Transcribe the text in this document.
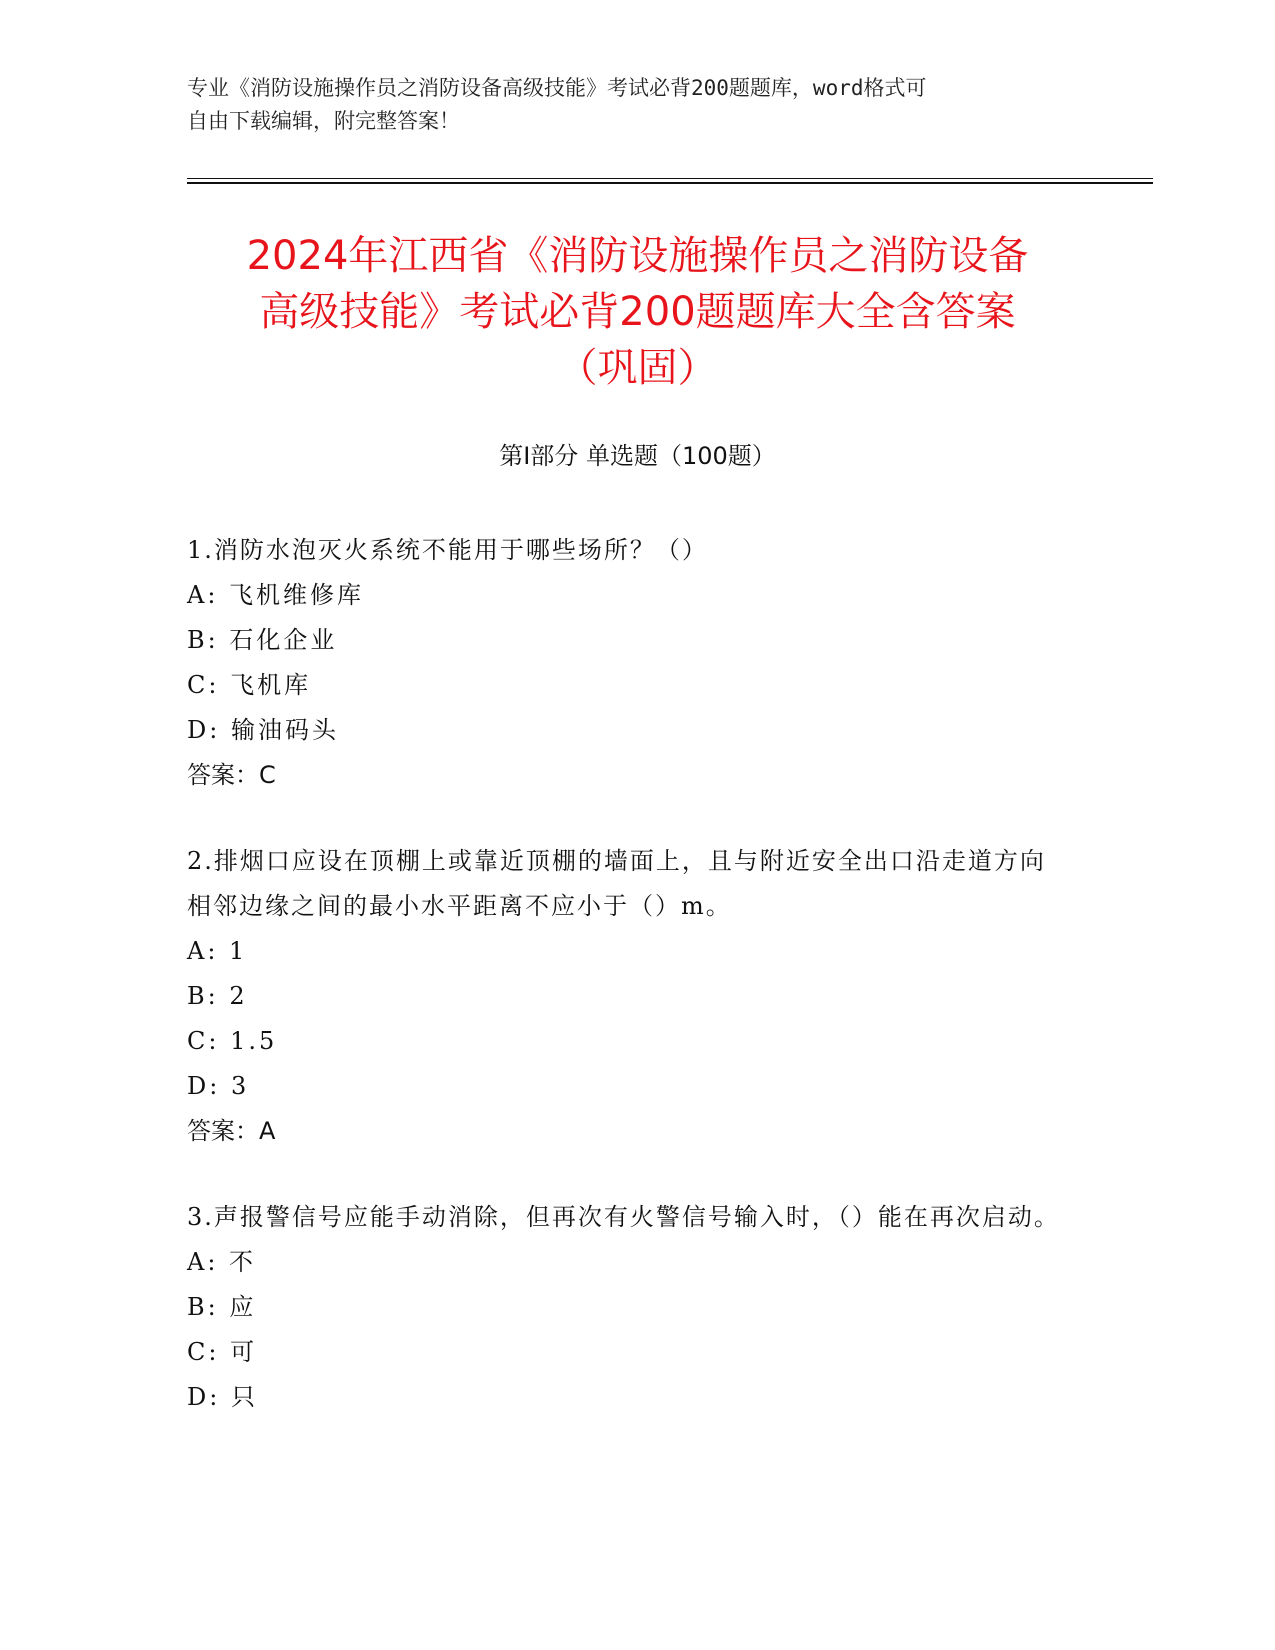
专业《消防设施操作员之消防设备高级技能》考试必背200题题库，word格式可
自由下载编辑，附完整答案！
2024年江西省《消防设施操作员之消防设备
高级技能》考试必背200题题库大全含答案
（巩固）
第Ⅰ部分 单选题（100题）
1.消防水泡灭火系统不能用于哪些场所？（）
A: 飞机维修库
B: 石化企业
C: 飞机库
D: 输油码头
答案：C
2.排烟口应设在顶棚上或靠近顶棚的墙面上，且与附近安全出口沿走道方向相邻边缘之间的最小水平距离不应小于（）m。
A: 1
B: 2
C: 1.5
D: 3
答案：A
3.声报警信号应能手动消除，但再次有火警信号输入时，（）能在再次启动。
A: 不
B: 应
C: 可
D: 只
